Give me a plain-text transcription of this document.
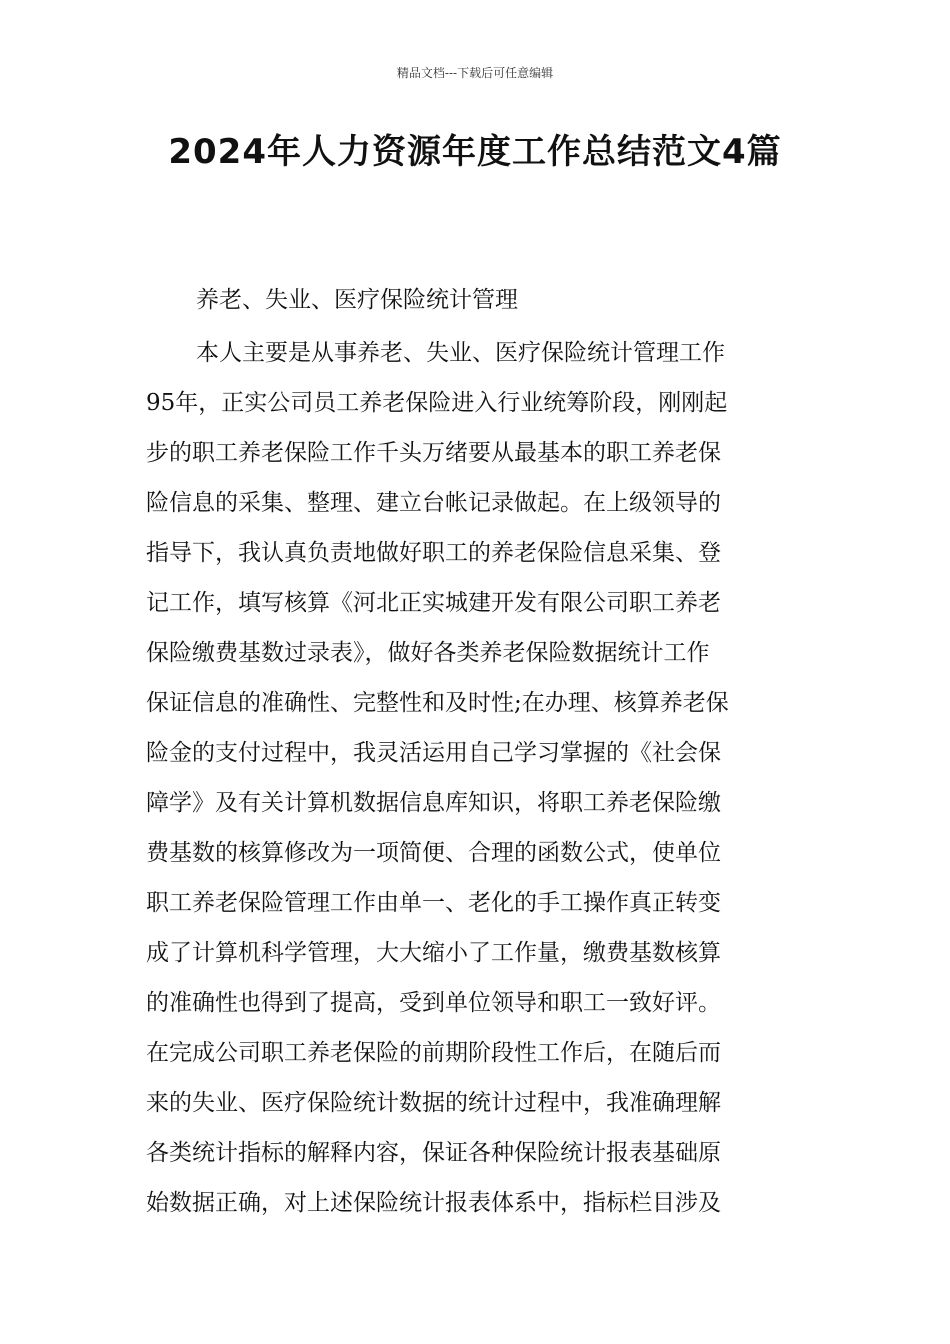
精品文档---下载后可任意编辑
2024年人力资源年度工作总结范文4篇
养老、失业、医疗保险统计管理
本人主要是从事养老、失业、医疗保险统计管理工作
95年，正实公司员工养老保险进入行业统筹阶段，刚刚起
步的职工养老保险工作千头万绪要从最基本的职工养老保
险信息的采集、整理、建立台帐记录做起。在上级领导的
指导下，我认真负责地做好职工的养老保险信息采集、登
记工作，填写核算《河北正实城建开发有限公司职工养老
保险缴费基数过录表》，做好各类养老保险数据统计工作
保证信息的准确性、完整性和及时性;在办理、核算养老保
险金的支付过程中，我灵活运用自己学习掌握的《社会保
障学》及有关计算机数据信息库知识，将职工养老保险缴
费基数的核算修改为一项简便、合理的函数公式，使单位
职工养老保险管理工作由单一、老化的手工操作真正转变
成了计算机科学管理，大大缩小了工作量，缴费基数核算
的准确性也得到了提高，受到单位领导和职工一致好评。
在完成公司职工养老保险的前期阶段性工作后，在随后而
来的失业、医疗保险统计数据的统计过程中，我准确理解
各类统计指标的解释内容，保证各种保险统计报表基础原
始数据正确，对上述保险统计报表体系中，指标栏目涉及
